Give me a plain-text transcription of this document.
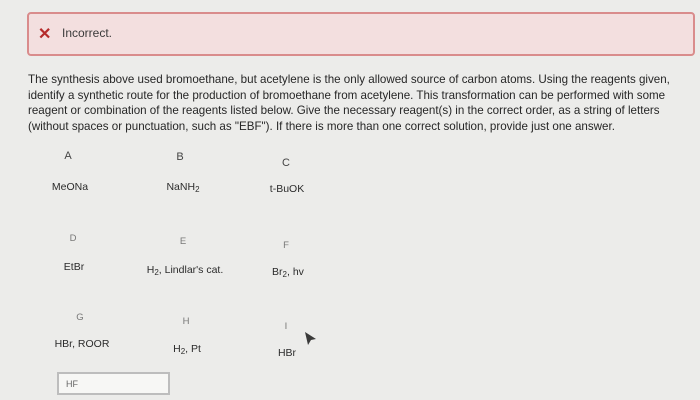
✕ Incorrect.
The synthesis above used bromoethane, but acetylene is the only allowed source of carbon atoms. Using the reagents given, identify a synthetic route for the production of bromoethane from acetylene. This transformation can be performed with some reagent or combination of the reagents listed below. Give the necessary reagent(s) in the correct order, as a string of letters (without spaces or punctuation, such as "EBF"). If there is more than one correct solution, provide just one answer.
A	B	C
MeONa	NaNH$_2$	t-BuOK
D	E	F
EtBr	$H_2$, Lindlar's cat.	$Br_2$, hv
G	H	I
HBr, ROOR	$H_2$, Pt	HBr
HF
